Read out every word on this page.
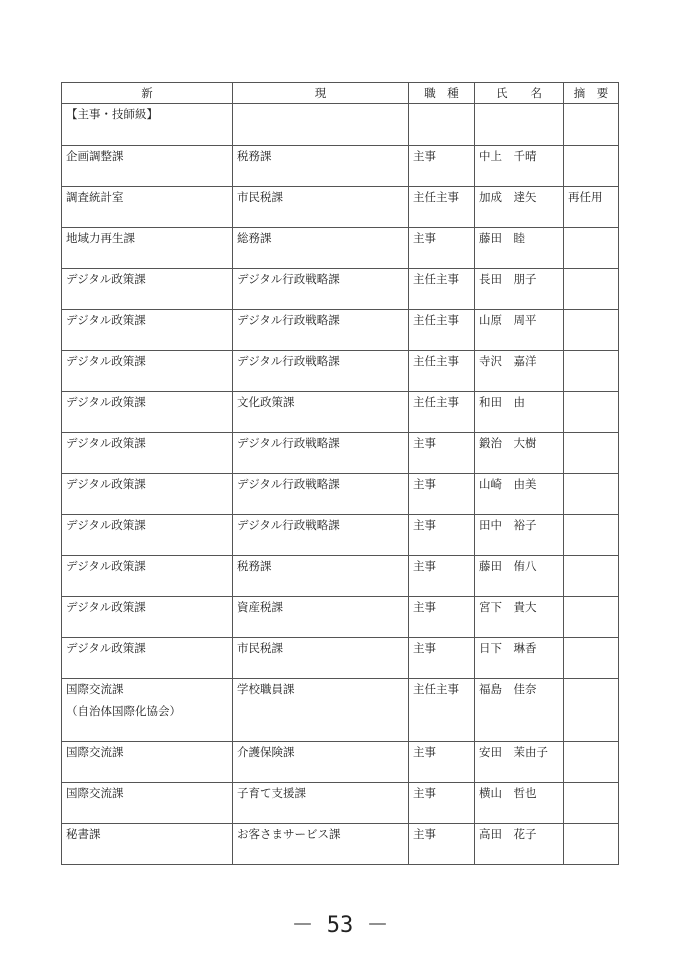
新	現	職　種	氏　　名	摘　要
【主事・技師級】				

企画調整課	税務課	主事	中上　千晴	

調査統計室	市民税課	主任主事	加成　達矢	再任用

地域力再生課	総務課	主事	藤田　睦	

デジタル政策課	デジタル行政戦略課	主任主事	長田　朋子	

デジタル政策課	デジタル行政戦略課	主任主事	山原　周平	

デジタル政策課	デジタル行政戦略課	主任主事	寺沢　嘉洋	

デジタル政策課	文化政策課	主任主事	和田　由	

デジタル政策課	デジタル行政戦略課	主事	鍛治　大樹	

デジタル政策課	デジタル行政戦略課	主事	山崎　由美	

デジタル政策課	デジタル行政戦略課	主事	田中　裕子	

デジタル政策課	税務課	主事	藤田　侑八	

デジタル政策課	資産税課	主事	宮下　貴大	

デジタル政策課	市民税課	主事	日下　琳香	

国際交流課
（自治体国際化協会）	学校職員課	主任主事	福島　佳奈	

国際交流課	介護保険課	主事	安田　茉由子	

国際交流課	子育て支援課	主事	横山　哲也	

秘書課	お客さまサービス課	主事	高田　花子	

－ 53 －
